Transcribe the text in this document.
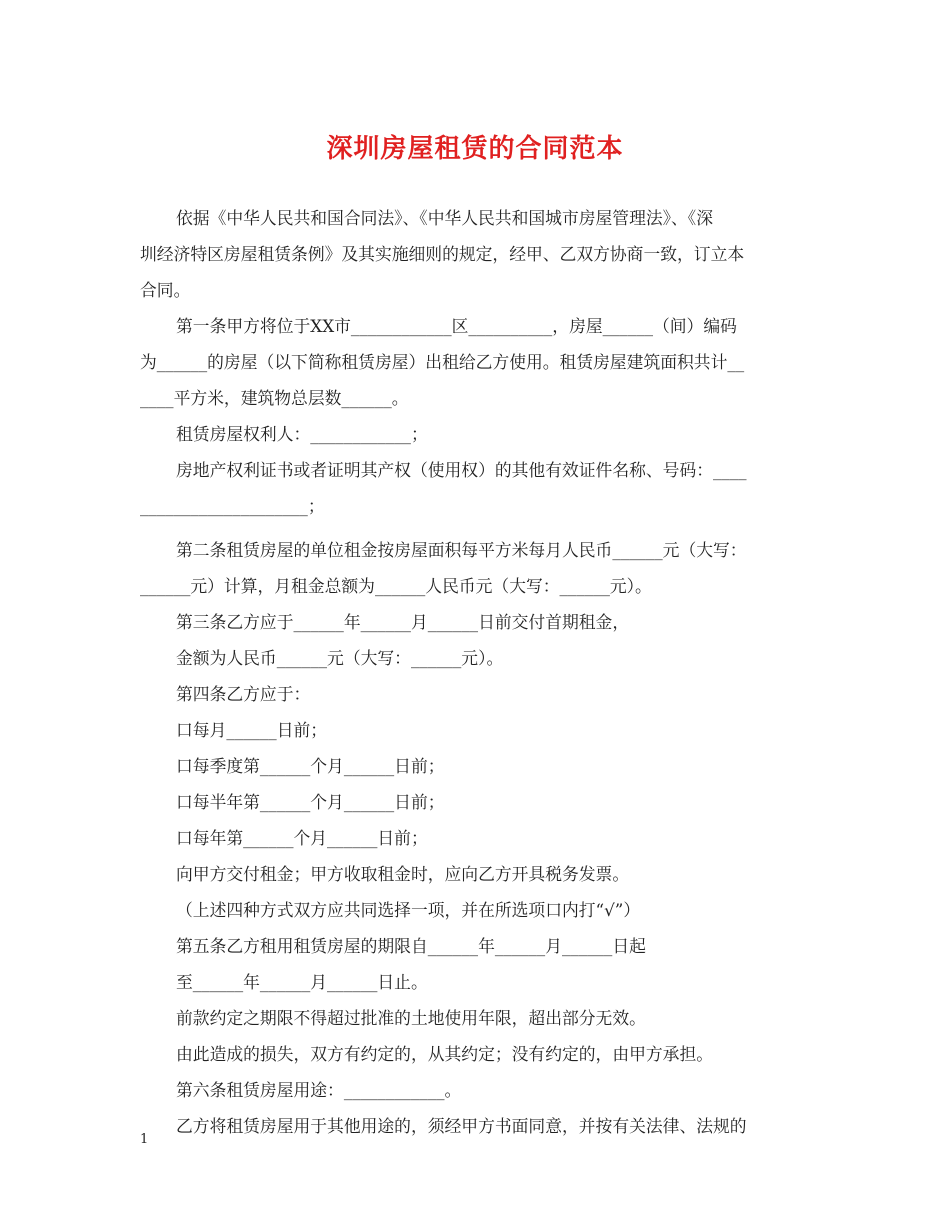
深圳房屋租赁的合同范本

依据《中华人民共和国合同法》、《中华人民共和国城市房屋管理法》、《深

圳经济特区房屋租赁条例》及其实施细则的规定，经甲、乙双方协商一致，订立本

合同。

第一条甲方将位于XX市____________区__________，房屋______（间）编码

为______的房屋（以下简称租赁房屋）出租给乙方使用。租赁房屋建筑面积共计__

____平方米，建筑物总层数______。

租赁房屋权利人：____________；

房地产权利证书或者证明其产权（使用权）的其他有效证件名称、号码：____

____________________；

第二条租赁房屋的单位租金按房屋面积每平方米每月人民币______元（大写：

______元）计算，月租金总额为______人民币元（大写：______元）。

第三条乙方应于______年______月______日前交付首期租金，

金额为人民币______元（大写：______元）。

第四条乙方应于：

口每月______日前；

口每季度第______个月______日前；

口每半年第______个月______日前；

口每年第______个月______日前；

向甲方交付租金；甲方收取租金时，应向乙方开具税务发票。

（上述四种方式双方应共同选择一项，并在所选项口内打“√”）

第五条乙方租用租赁房屋的期限自______年______月______日起

至______年______月______日止。

前款约定之期限不得超过批准的土地使用年限，超出部分无效。

由此造成的损失，双方有约定的，从其约定；没有约定的，由甲方承担。

第六条租赁房屋用途：____________。

乙方将租赁房屋用于其他用途的，须经甲方书面同意，并按有关法律、法规的

1
